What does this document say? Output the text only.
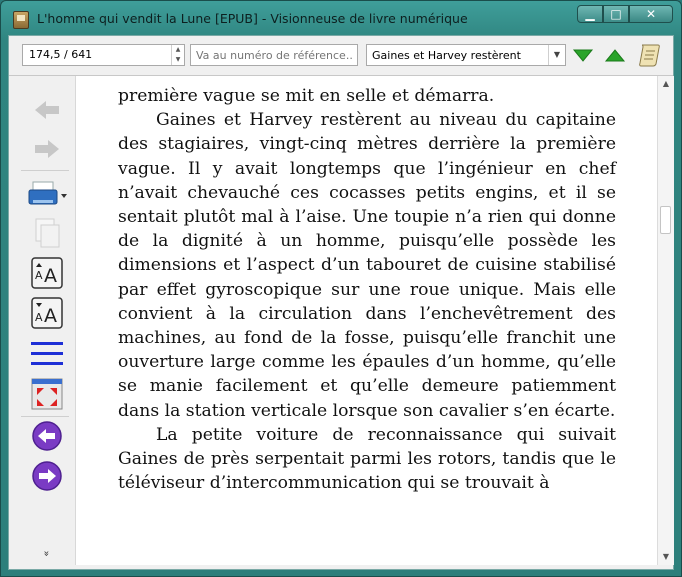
L'homme qui vendit la Lune [EPUB] - Visionneuse de livre numérique	▁	□	✕
174,5 / 641	▲
▼
Va au numéro de référence...	Gaines et Harvey restèrent	▼
A A
A A
»

première vague se mit en selle et démarra.

Gaines et Harvey restèrent au niveau du capitaine des stagiaires, vingt-cinq mètres derrière la première vague. Il y avait longtemps que l’ingénieur en chef n’avait chevauché ces cocasses petits engins, et il se sentait plutôt mal à l’aise. Une toupie n’a rien qui donne de la dignité à un homme, puisqu’elle possède les dimensions et l’aspect d’un tabouret de cuisine stabilisé par effet gyroscopique sur une roue unique. Mais elle convient à la circulation dans l’enchevêtrement des machines, au fond de la fosse, puisqu’elle franchit une ouverture large comme les épaules d’un homme, qu’elle se manie facilement et qu’elle demeure patiemment dans la station verticale lorsque son cavalier s’en écarte.

La petite voiture de reconnaissance qui suivait Gaines de près serpentait parmi les rotors, tandis que le téléviseur d’intercommunication qui se trouvait à

▲
▼
